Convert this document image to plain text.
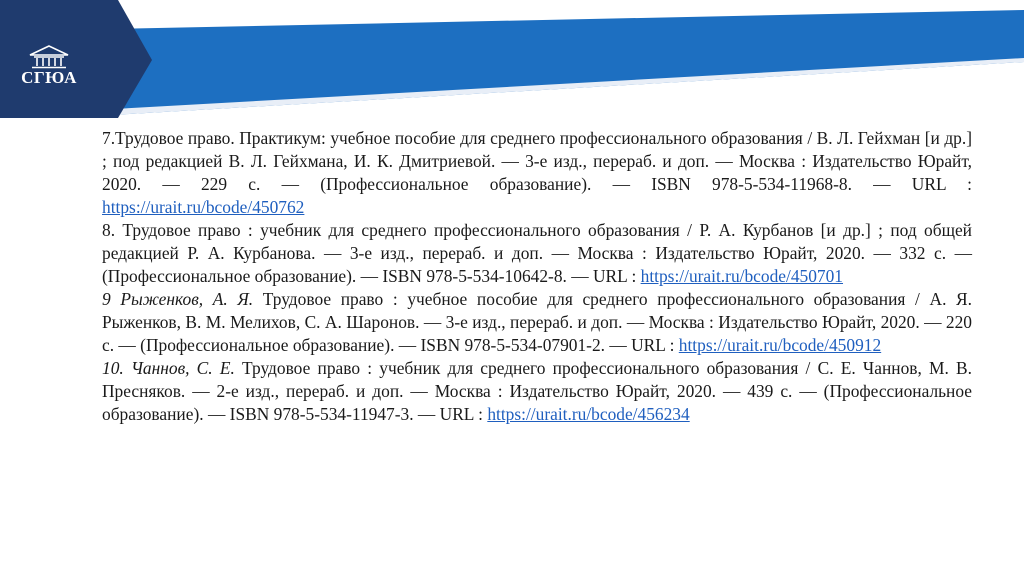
СГЮА

7.Трудовое право. Практикум: учебное пособие для среднего профессионального образования / В. Л. Гейхман [и др.] ; под редакцией В. Л. Гейхмана, И. К. Дмитриевой. — 3-е изд., перераб. и доп. — Москва : Издательство Юрайт, 2020. — 229 с. — (Профессиональное образование). — ISBN 978-5-534-11968-8. — URL : https://urait.ru/bcode/450762

8. Трудовое право : учебник для среднего профессионального образования / Р. А. Курбанов [и др.] ; под общей редакцией Р. А. Курбанова. — 3-е изд., перераб. и доп. — Москва : Издательство Юрайт, 2020. — 332 с. — (Профессиональное образование). — ISBN 978-5-534-10642-8. — URL : https://urait.ru/bcode/450701

9 Рыженков, А. Я. Трудовое право : учебное пособие для среднего профессионального образования / А. Я. Рыженков, В. М. Мелихов, С. А. Шаронов. — 3-е изд., перераб. и доп. — Москва : Издательство Юрайт, 2020. — 220 с. — (Профессиональное образование). — ISBN 978-5-534-07901-2. — URL : https://urait.ru/bcode/450912

10. Чаннов, С. Е. Трудовое право : учебник для среднего профессионального образования / С. Е. Чаннов, М. В. Пресняков. — 2-е изд., перераб. и доп. — Москва : Издательство Юрайт, 2020. — 439 с. — (Профессиональное образование). — ISBN 978-5-534-11947-3. — URL : https://urait.ru/bcode/456234
